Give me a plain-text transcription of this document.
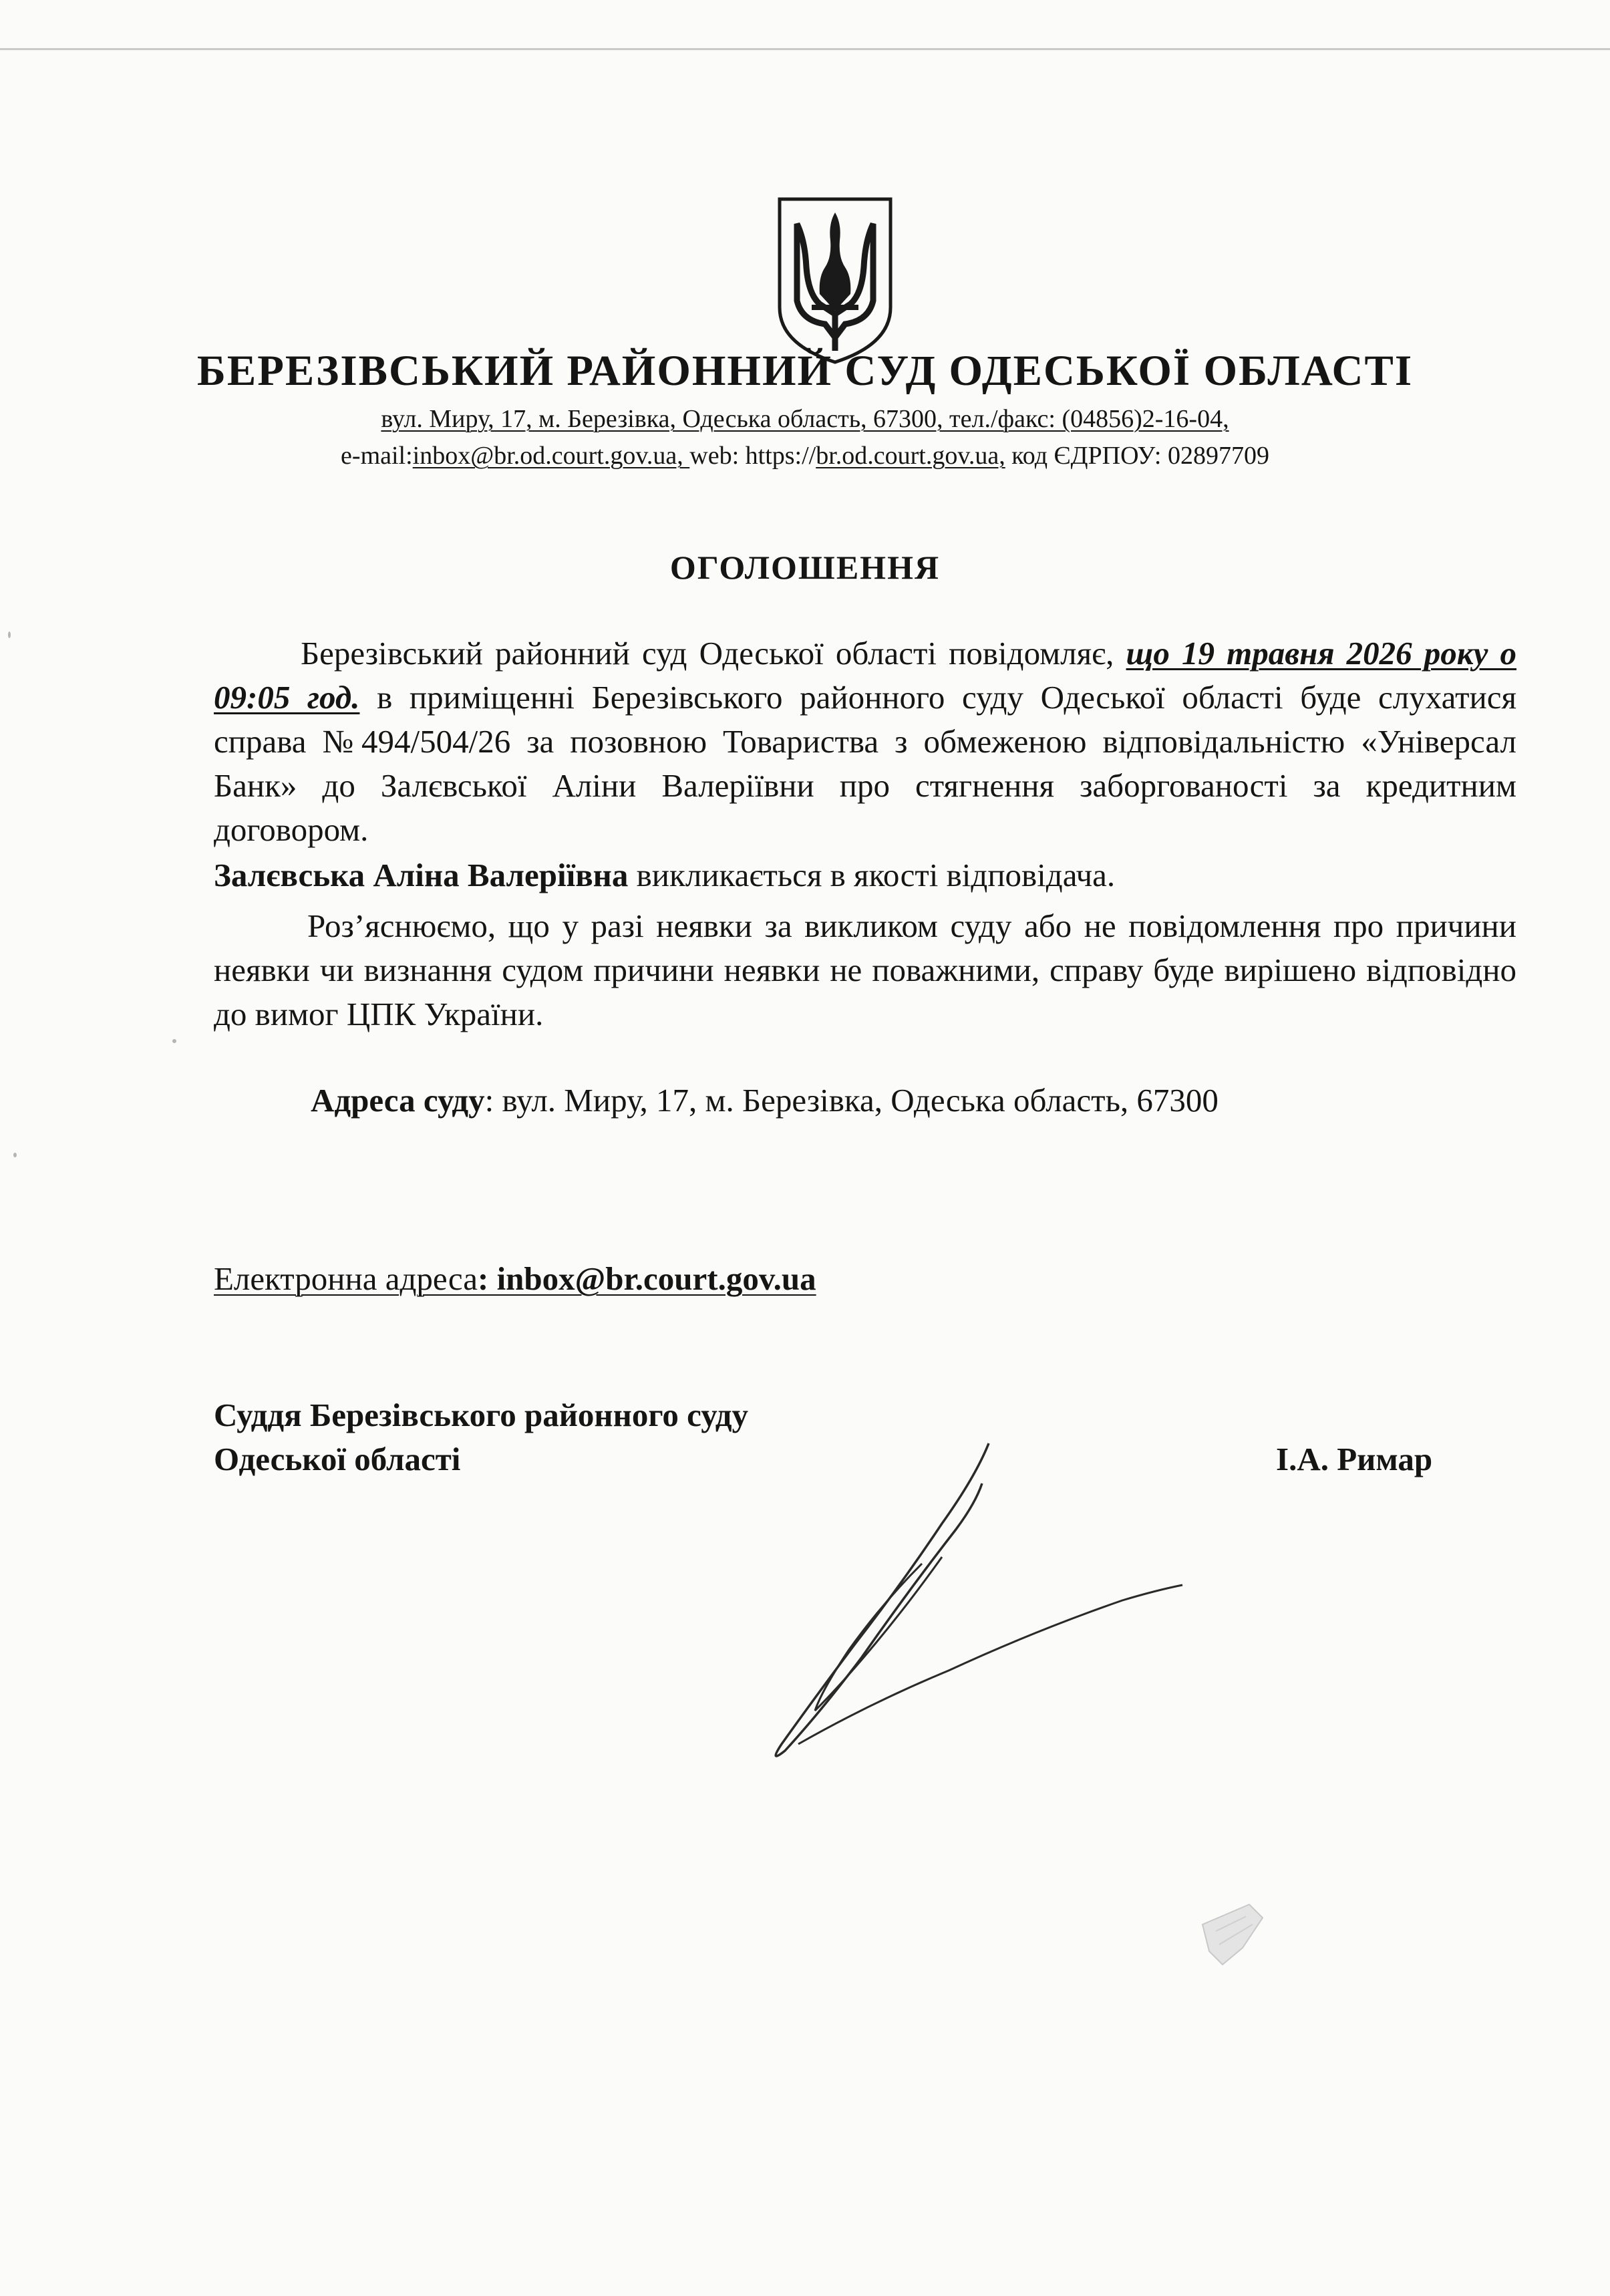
БЕРЕЗІВСЬКИЙ РАЙОННИЙ СУД ОДЕСЬКОЇ ОБЛАСТІ
вул. Миру, 17, м. Березівка, Одеська область, 67300, тел./факс: (04856)2-16-04,
e-mail:inbox@br.od.court.gov.ua, web: https://br.od.court.gov.ua, код ЄДРПОУ: 02897709
ОГОЛОШЕННЯ
Березівський районний суд Одеської області повідомляє, що 19 травня 2026 року о 09:05 год. в приміщенні Березівського районного суду Одеської області буде слухатися справа №494/504/26 за позовною Товариства з обмеженою відповідальністю «Універсал Банк» до Залєвської Аліни Валеріївни про стягнення заборгованості за кредитним договором.
Залєвська Аліна Валеріївна викликається в якості відповідача.
Роз’яснюємо, що у разі неявки за викликом суду або не повідомлення про причини неявки чи визнання судом причини неявки не поважними, справу буде вирішено відповідно до вимог ЦПК України.
Адреса суду: вул. Миру, 17, м. Березівка, Одеська область, 67300
Електронна адреса: inbox@br.court.gov.ua
Суддя Березівського районного суду
Одеської області	І.А. Римар
